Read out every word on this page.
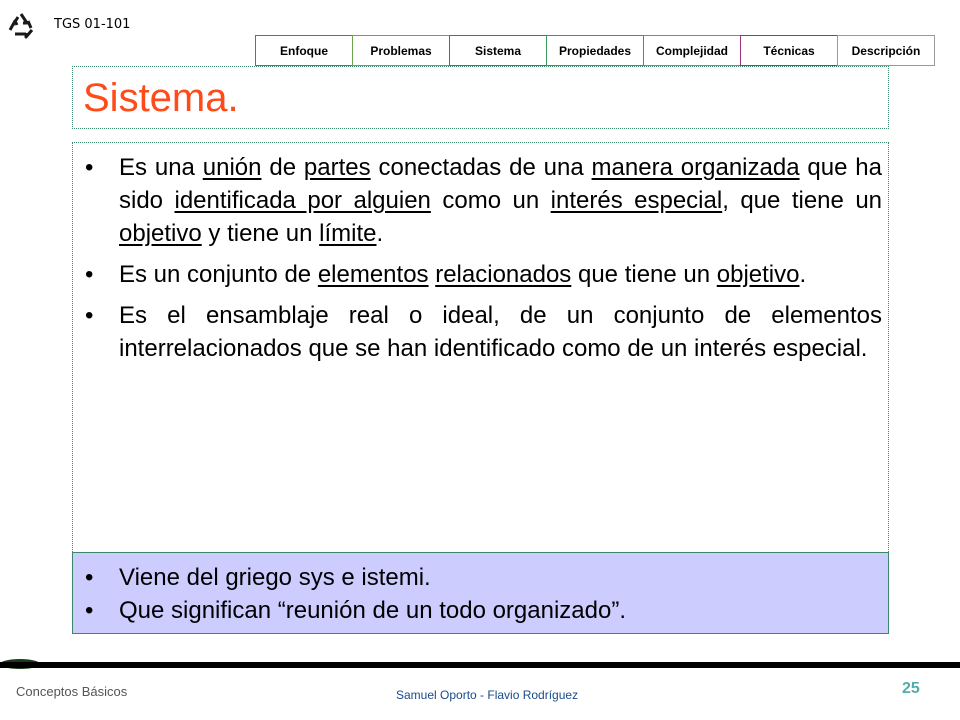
TGS 01-101
Enfoque	Problemas	Sistema	Propiedades	Complejidad	Técnicas	Descripción
Sistema.
• Es una unión de partes conectadas de una manera organizada que ha sido identificada por alguien como un interés especial, que tiene un objetivo y tiene un límite.
• Es un conjunto de elementos relacionados que tiene un objetivo.
• Es el ensamblaje real o ideal, de un conjunto de elementos interrelacionados que se han identificado como de un interés especial.
• Viene del griego sys e istemi.
• Que significan “reunión de un todo organizado”.
Conceptos Básicos	Samuel Oporto - Flavio Rodríguez	25
